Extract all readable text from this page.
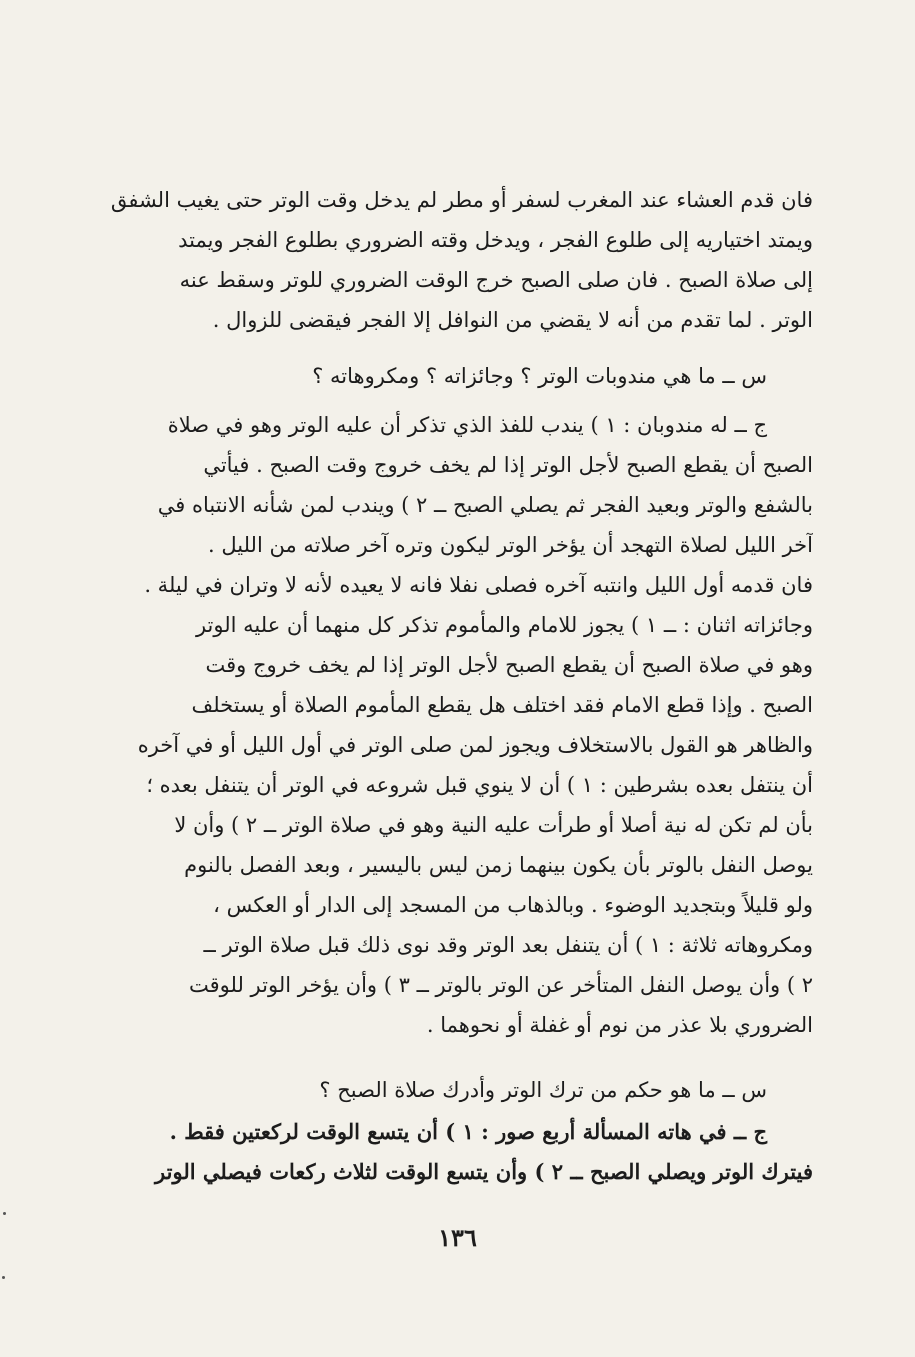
فان قدم العشاء عند المغرب لسفر أو مطر لم يدخل وقت الوتر حتى يغيب الشفق
ويمتد اختياريه إلى طلوع الفجر ، ويدخل وقته الضروري بطلوع الفجر ويمتد
إلى صلاة الصبح . فان صلى الصبح خرج الوقت الضروري للوتر وسقط عنه
الوتر . لما تقدم من أنه لا يقضي من النوافل إلا الفجر فيقضى للزوال .
س ــ ما هي مندوبات الوتر ؟ وجائزاته ؟ ومكروهاته ؟
ج ــ له مندوبان : ١ ) يندب للفذ الذي تذكر أن عليه الوتر وهو في صلاة
الصبح أن يقطع الصبح لأجل الوتر إذا لم يخف خروج وقت الصبح . فيأتي
بالشفع والوتر وبعيد الفجر ثم يصلي الصبح ــ ٢ ) ويندب لمن شأنه الانتباه في
آخر الليل لصلاة التهجد أن يؤخر الوتر ليكون وتره آخر صلاته من الليل .
فان قدمه أول الليل وانتبه آخره فصلى نفلا فانه لا يعيده لأنه لا وتران في ليلة .
وجائزاته اثنان : ــ ١ ) يجوز للامام والمأموم تذكر كل منهما أن عليه الوتر
وهو في صلاة الصبح أن يقطع الصبح لأجل الوتر إذا لم يخف خروج وقت
الصبح . وإذا قطع الامام فقد اختلف هل يقطع المأموم الصلاة أو يستخلف
والظاهر هو القول بالاستخلاف ويجوز لمن صلى الوتر في أول الليل أو في آخره
أن ينتفل بعده بشرطين : ١ ) أن لا ينوي قبل شروعه في الوتر أن يتنفل بعده ؛
بأن لم تكن له نية أصلا أو طرأت عليه النية وهو في صلاة الوتر ــ ٢ ) وأن لا
يوصل النفل بالوتر بأن يكون بينهما زمن ليس باليسير ، وبعد الفصل بالنوم
ولو قليلاً وبتجديد الوضوء . وبالذهاب من المسجد إلى الدار أو العكس ،
ومكروهاته ثلاثة : ١ ) أن يتنفل بعد الوتر وقد نوى ذلك قبل صلاة الوتر ــ
٢ ) وأن يوصل النفل المتأخر عن الوتر بالوتر ــ ٣ ) وأن يؤخر الوتر للوقت
الضروري بلا عذر من نوم أو غفلة أو نحوهما .
س ــ ما هو حكم من ترك الوتر وأدرك صلاة الصبح ؟
ج ــ في هاته المسألة أربع صور : ١ ) أن يتسع الوقت لركعتين فقط .
فيترك الوتر ويصلي الصبح ــ ٢ ) وأن يتسع الوقت لثلاث ركعات فيصلي الوتر
١٣٦
